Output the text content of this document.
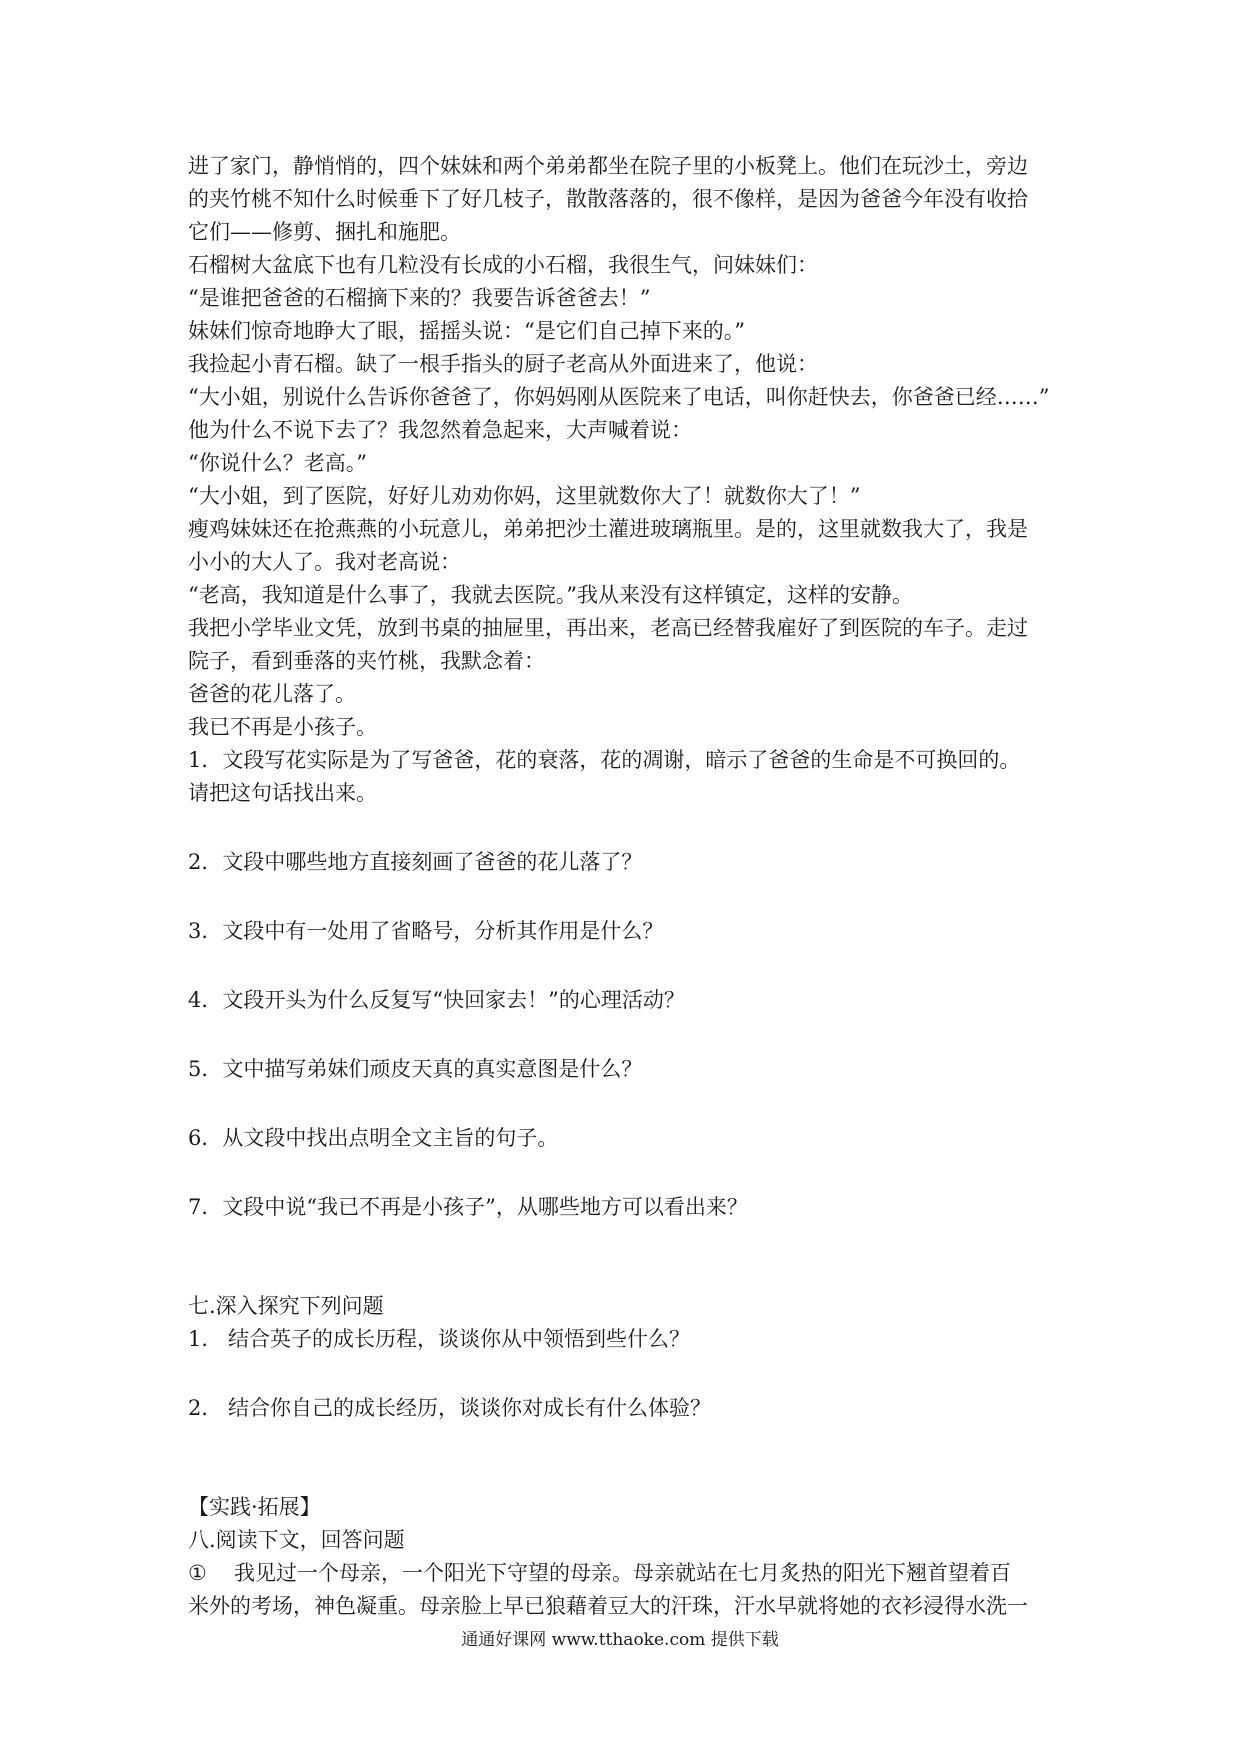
进了家门，静悄悄的，四个妹妹和两个弟弟都坐在院子里的小板凳上。他们在玩沙土，旁边
的夹竹桃不知什么时候垂下了好几枝子，散散落落的，很不像样，是因为爸爸今年没有收拾
它们——修剪、捆扎和施肥。
石榴树大盆底下也有几粒没有长成的小石榴，我很生气，问妹妹们：
“是谁把爸爸的石榴摘下来的？我要告诉爸爸去！”
妹妹们惊奇地睁大了眼，摇摇头说：“是它们自己掉下来的。”
我捡起小青石榴。缺了一根手指头的厨子老高从外面进来了，他说：
“大小姐，别说什么告诉你爸爸了，你妈妈刚从医院来了电话，叫你赶快去，你爸爸已经……”
他为什么不说下去了？我忽然着急起来，大声喊着说：
“你说什么？老高。”
“大小姐，到了医院，好好儿劝劝你妈，这里就数你大了！就数你大了！”
瘦鸡妹妹还在抢燕燕的小玩意儿，弟弟把沙土灌进玻璃瓶里。是的，这里就数我大了，我是
小小的大人了。我对老高说：
“老高，我知道是什么事了，我就去医院。”我从来没有这样镇定，这样的安静。
我把小学毕业文凭，放到书桌的抽屉里，再出来，老高已经替我雇好了到医院的车子。走过
院子，看到垂落的夹竹桃，我默念着：
爸爸的花儿落了。
我已不再是小孩子。
1．文段写花实际是为了写爸爸，花的衰落，花的凋谢，暗示了爸爸的生命是不可换回的。
请把这句话找出来。
2．文段中哪些地方直接刻画了爸爸的花儿落了？
3．文段中有一处用了省略号，分析其作用是什么？
4．文段开头为什么反复写“快回家去！”的心理活动？
5．文中描写弟妹们顽皮天真的真实意图是什么？
6．从文段中找出点明全文主旨的句子。
7．文段中说“我已不再是小孩子”，从哪些地方可以看出来？
七.深入探究下列问题
1． 结合英子的成长历程，谈谈你从中领悟到些什么？
2． 结合你自己的成长经历，谈谈你对成长有什么体验？
【实践·拓展】
八.阅读下文，回答问题
① 我见过一个母亲，一个阳光下守望的母亲。母亲就站在七月炙热的阳光下翘首望着百
米外的考场，神色凝重。母亲脸上早已狼藉着豆大的汗珠，汗水早就将她的衣衫浸得水洗一
通通好课网 www.tthaoke.com 提供下载
